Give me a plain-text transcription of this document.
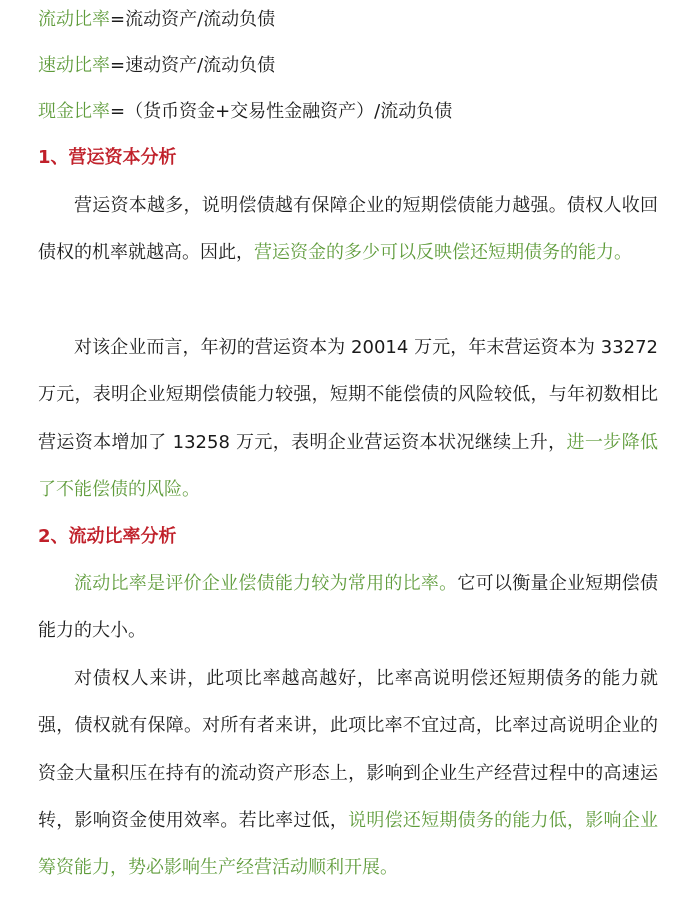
流动比率=流动资产/流动负债

速动比率=速动资产/流动负债

现金比率=（货币资金+交易性金融资产）/流动负债

1、营运资本分析

营运资本越多，说明偿债越有保障企业的短期偿债能力越强。债权人收回债权的机率就越高。因此，营运资金的多少可以反映偿还短期债务的能力。

对该企业而言，年初的营运资本为 20014 万元，年末营运资本为 33272 万元，表明企业短期偿债能力较强，短期不能偿债的风险较低，与年初数相比营运资本增加了 13258 万元，表明企业营运资本状况继续上升，进一步降低了不能偿债的风险。

2、流动比率分析

流动比率是评价企业偿债能力较为常用的比率。它可以衡量企业短期偿债能力的大小。

对债权人来讲，此项比率越高越好，比率高说明偿还短期债务的能力就强，债权就有保障。对所有者来讲，此项比率不宜过高，比率过高说明企业的资金大量积压在持有的流动资产形态上，影响到企业生产经营过程中的高速运转，影响资金使用效率。若比率过低，说明偿还短期债务的能力低，影响企业筹资能力，势必影响生产经营活动顺利开展。
